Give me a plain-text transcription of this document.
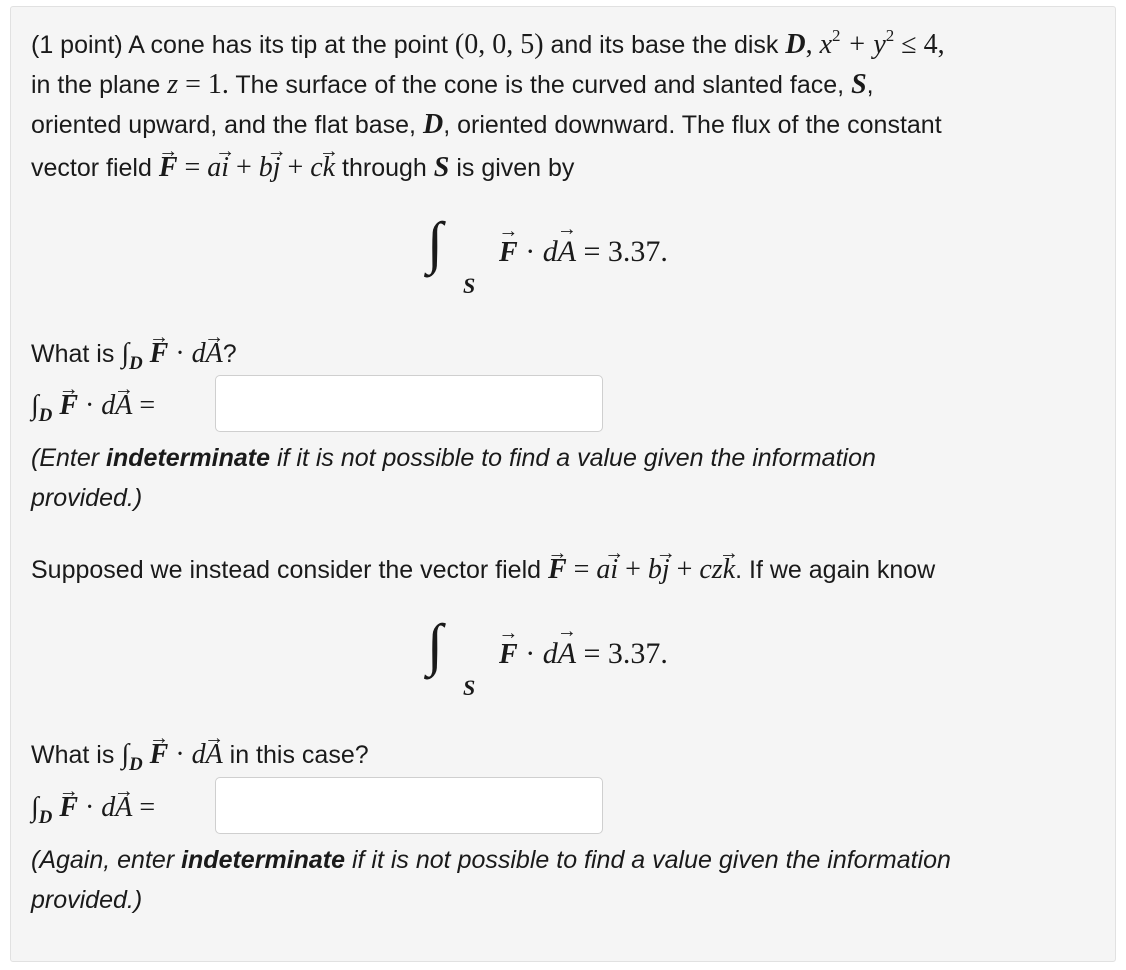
(1 point) A cone has its tip at the point (0, 0, 5) and its base the disk D, $x^2 + y^2 \le 4$,
in the plane z = 1. The surface of the cone is the curved and slanted face, S,
oriented upward, and the flat base, D, oriented downward. The flux of the constant
vector field F → = ai → + bj → + ck → through S is given by
∫
S
F → · dA → = 3.37.
What is $\int_D$ F → · dA →?
$\int_D$ F → · dA → =
(Enter indeterminate if it is not possible to find a value given the information
provided.)
Supposed we instead consider the vector field F → = ai → + bj → + czk →. If we again know
∫
S
F → · dA → = 3.37.
What is $\int_D$ F → · dA → in this case?
$\int_D$ F → · dA → =
(Again, enter indeterminate if it is not possible to find a value given the information
provided.)
